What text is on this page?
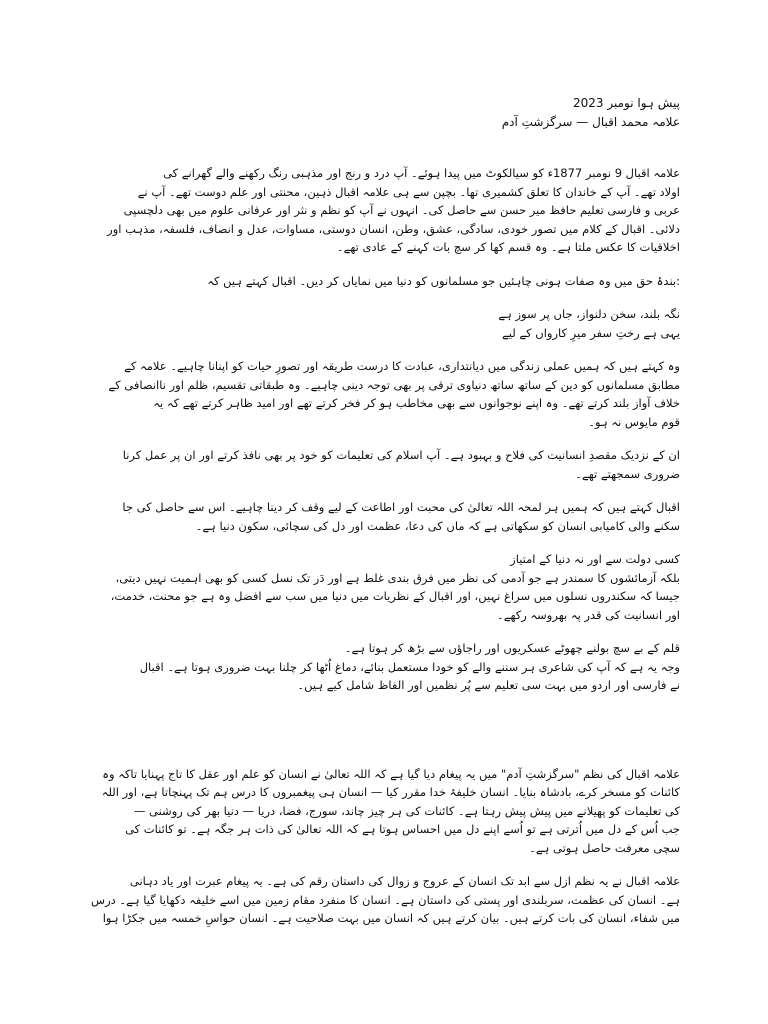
پیش ہوا نومبر 2023
علامہ محمد اقبال — سرگزشتِ آدم
علامہ اقبال 9 نومبر 1877ء کو سیالکوٹ میں پیدا ہوئے۔ آپ درد و رنج اور مذہبی رنگ رکھنے والے گھرانے کی
اولاد تھے۔ آپ کے خاندان کا تعلق کشمیری تھا۔ بچپن سے ہی علامہ اقبال ذہین، محنتی اور علم دوست تھے۔ آپ نے
عربی و فارسی تعلیم حافظ میر حسن سے حاصل کی۔ انہوں نے آپ کو نظم و نثر اور عرفانی علوم میں بھی دلچسپی
دلائی۔ اقبال کے کلام میں تصور خودی، سادگی، عشق، وطن، انسان دوستی، مساوات، عدل و انصاف، فلسفہ، مذہب اور
اخلاقیات کا عکس ملتا ہے۔ وہ قسم کھا کر سچ بات کہنے کے عادی تھے۔
:بندۂ حق میں وہ صفات ہونی چاہئیں جو مسلمانوں کو دنیا میں نمایاں کر دیں۔ اقبال کہتے ہیں کہ
نگہ بلند، سخن دلنواز، جاں پر سوز ہے
یہی ہے رختِ سفر میرِ کارواں کے لیے
وہ کہتے ہیں کہ ہمیں عملی زندگی میں دیانتداری، عبادت کا درست طریقہ اور تصورِ حیات کو اپنانا چاہیے۔ علامہ کے
مطابق مسلمانوں کو دین کے ساتھ ساتھ دنیاوی ترقی پر بھی توجہ دینی چاہیے۔ وہ طبقاتی تقسیم، ظلم اور ناانصافی کے
خلاف آواز بلند کرتے تھے۔ وہ اپنے نوجوانوں سے بھی مخاطب ہو کر فخر کرتے تھے اور امید ظاہر کرتے تھے کہ یہ
قوم مایوس نہ ہو۔
ان کے نزدیک مقصدِ انسانیت کی فلاح و بہبود ہے۔ آپ اسلام کی تعلیمات کو خود پر بھی نافذ کرتے اور ان پر عمل کرنا
ضروری سمجھتے تھے۔
اقبال کہتے ہیں کہ ہمیں ہر لمحہ اللہ تعالیٰ کی محبت اور اطاعت کے لیے وقف کر دینا چاہیے۔ اس سے حاصل کی جا
سکنے والی کامیابی انسان کو سکھاتی ہے کہ ماں کی دعا، عظمت اور دل کی سچائی، سکون دنیا ہے۔
کسی دولت سے اور نہ دنیا کے امتیاز
بلکہ آزمائشوں کا سمندر ہے جو آدمی کی نظر میں فرق بندی غلط ہے اور دَر تک نسل کسی کو بھی اہمیت نہیں دیتی،
جیسا کہ سکندروں نسلوں میں سراغ نہیں، اور اقبال کے نظریات میں دنیا میں سب سے افضل وہ ہے جو محنت، خدمت،
اور انسانیت کی قدر پہ بھروسہ رکھے۔
قلم کے بے سچ بولنے چھوٹے عسکریوں اور راجاؤں سے بڑھ کر ہوتا ہے۔
وجہ یہ ہے کہ آپ کی شاعری ہر سننے والے کو خودا مستعمل بنائے، دماغ اُٹھا کر چلنا بہت ضروری ہوتا ہے۔ اقبال
نے فارسی اور اردو میں بہت سی تعلیم سے پُر نظمیں اور الفاظ شامل کیے ہیں۔
علامہ اقبال کی نظم "سرگزشتِ آدم" میں یہ پیغام دیا گیا ہے کہ اللہ تعالیٰ نے انسان کو علم اور عقل کا تاج پہنایا تاکہ وہ
کائنات کو مسخر کرے، بادشاہ بنایا۔ انسان خلیفۂ خدا مقرر کیا — انسان ہی پیغمبروں کا درس ہم تک پہنچاتا ہے، اور اللہ
کی تعلیمات کو پھیلانے میں پیش پیش رہتا ہے۔ کائنات کی ہر چیز چاند، سورج، فضا، دریا — دنیا بھر کی روشنی —
جب اُس کے دل میں اُترتی ہے تو اُسے اپنے دل میں احساس ہوتا ہے کہ اللہ تعالیٰ کی ذات ہر جگہ ہے۔ تو کائنات کی
سچی معرفت حاصل ہوتی ہے۔
علامہ اقبال نے یہ نظم ازل سے ابد تک انسان کے عروج و زوال کی داستان رقم کی ہے۔ یہ پیغام عبرت اور یاد دہانی
ہے۔ انسان کی عظمت، سربلندی اور پستی کی داستان ہے۔ انسان کا منفرد مقام زمین میں اسے خلیفہ دکھایا گیا ہے۔ درس
میں شفاء، انسان کی بات کرتے ہیں۔ بیان کرتے ہیں کہ انسان میں بہت صلاحیت ہے۔ انسان حواسِ خمسہ میں جکڑا ہوا
